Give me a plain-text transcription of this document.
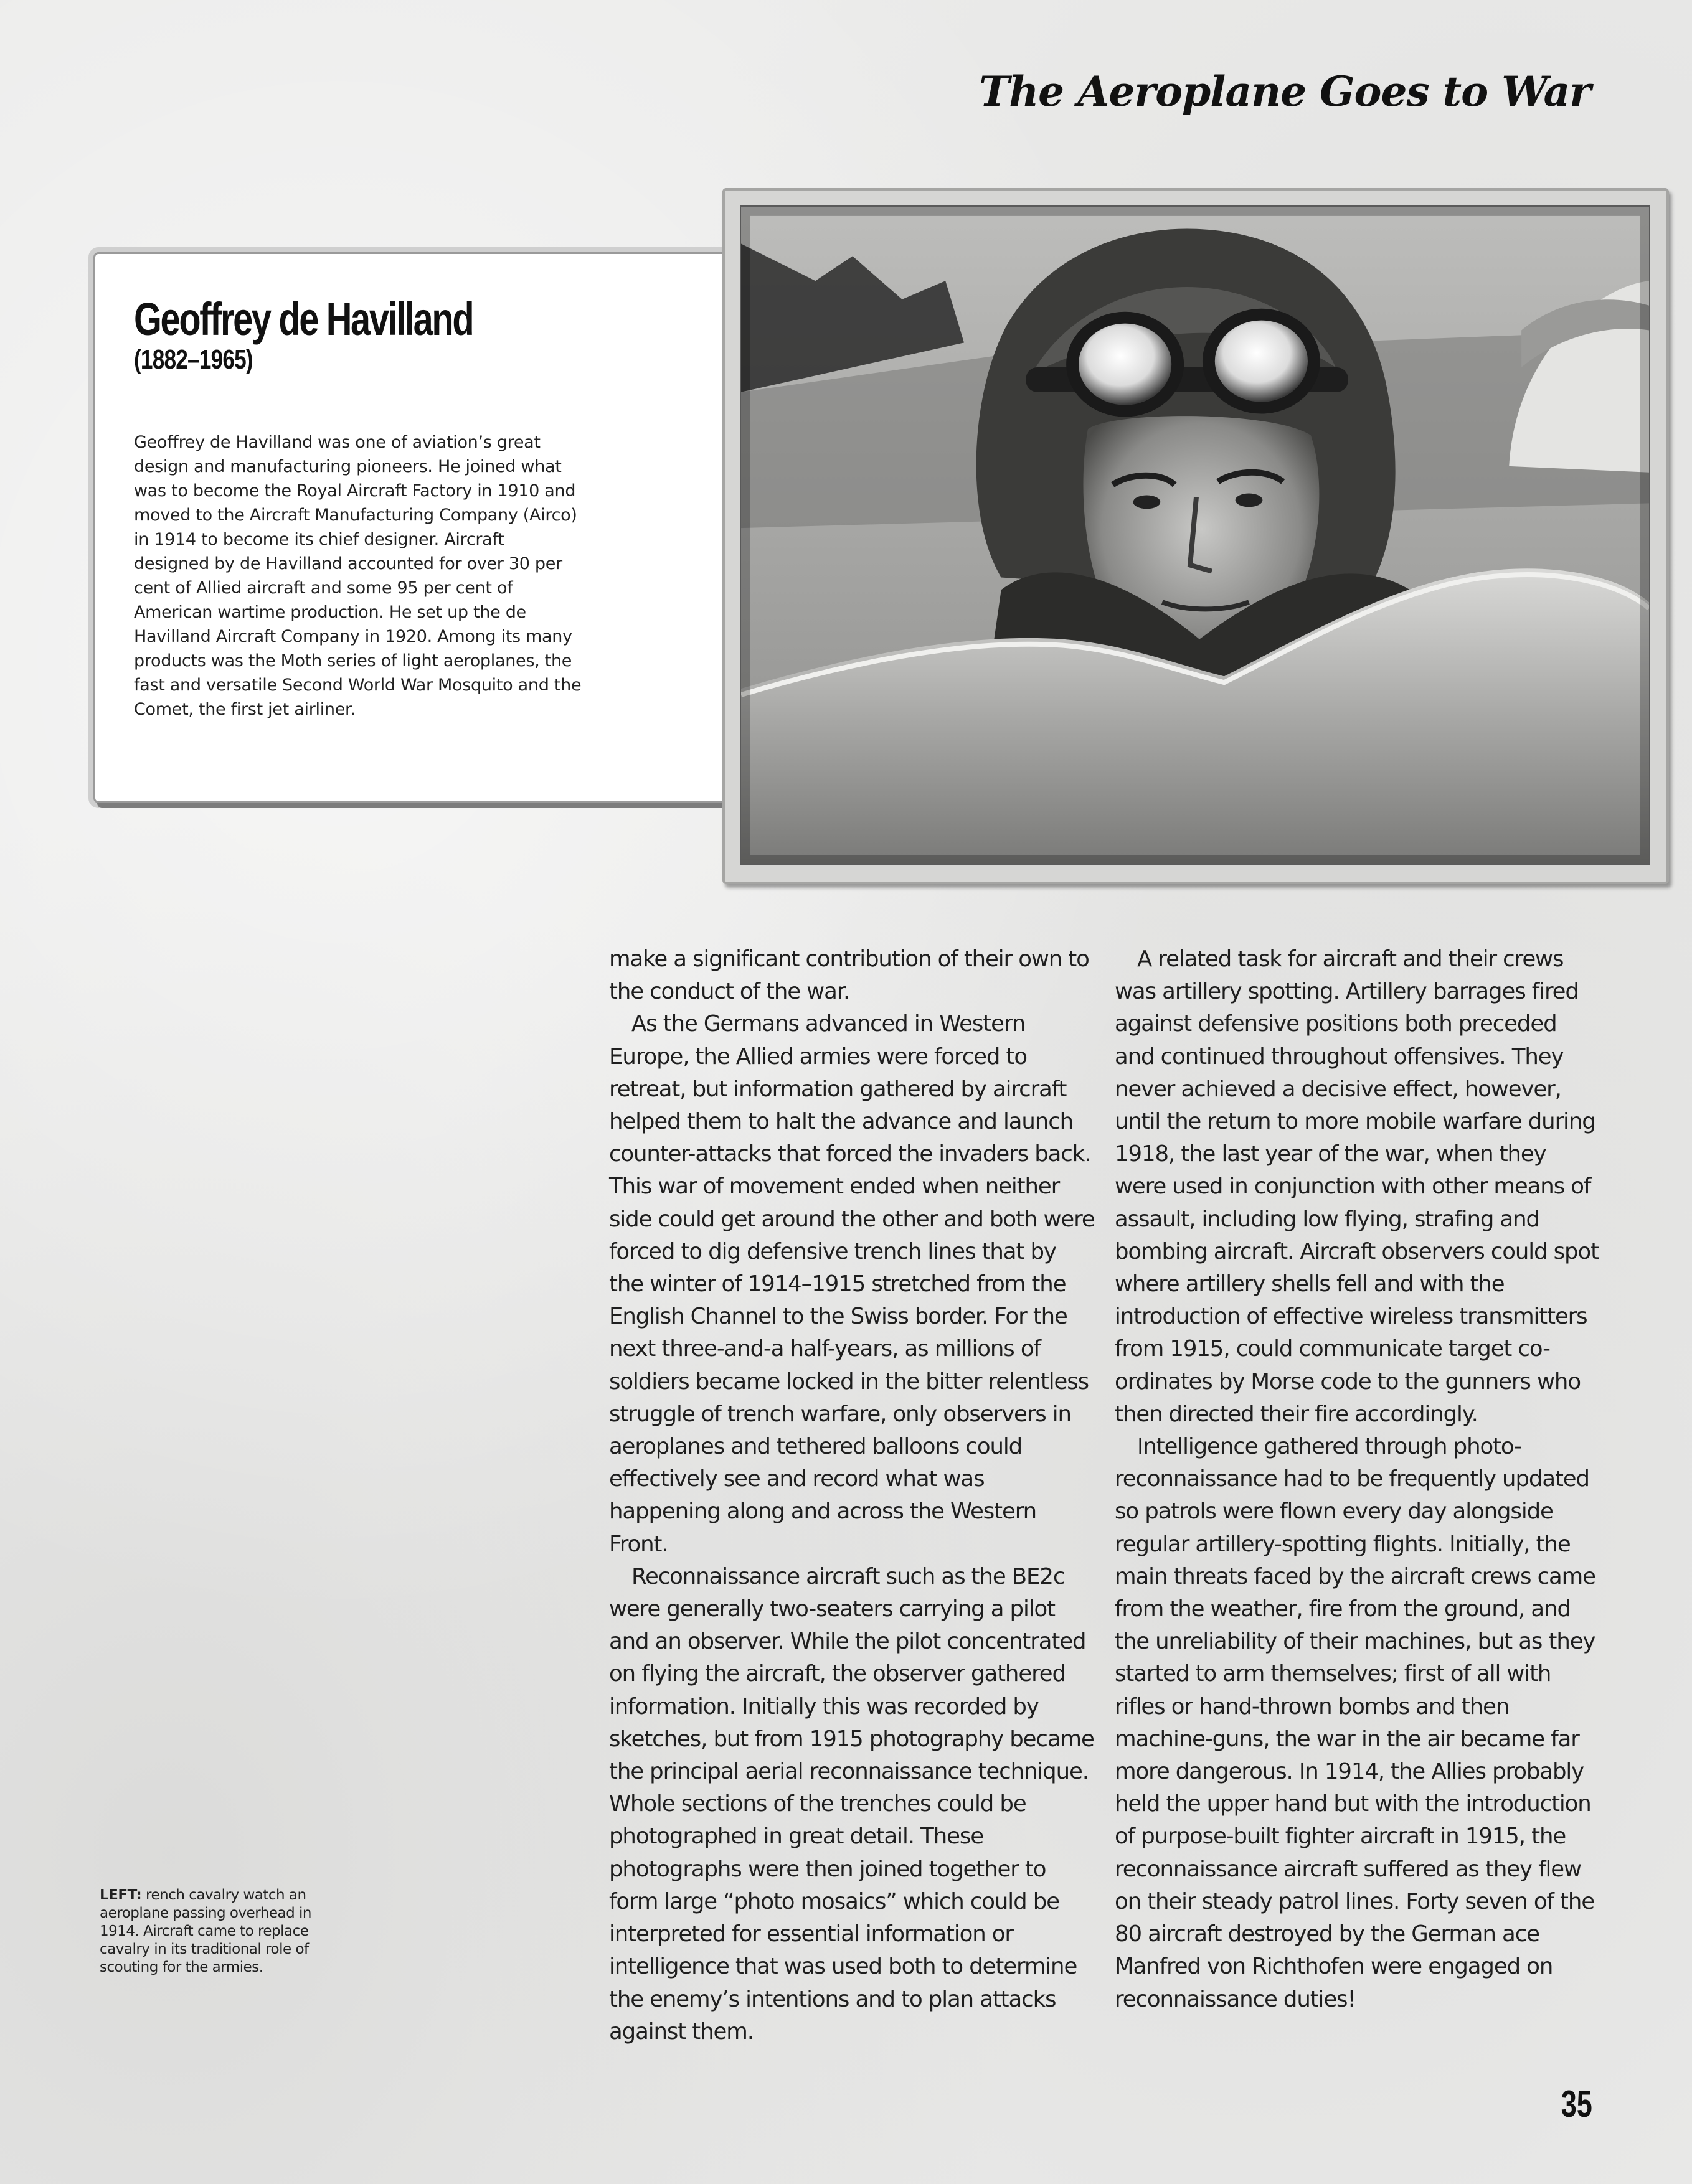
The Aeroplane Goes to War
Geoffrey de Havilland

(1882–1965)

Geoffrey de Havilland was one of aviation’s great design and manufacturing pioneers. He joined what was to become the Royal Aircraft Factory in 1910 and moved to the Aircraft Manufacturing Company (Airco) in 1914 to become its chief designer. Aircraft designed by de Havilland accounted for over 30 per cent of Allied aircraft and some 95 per cent of American wartime production. He set up the de Havilland Aircraft Company in 1920. Among its many products was the Moth series of light aeroplanes, the fast and versatile Second World War Mosquito and the Comet, the first jet airliner.

make a significant contribution of their own to the conduct of the war.

As the Germans advanced in Western Europe, the Allied armies were forced to retreat, but information gathered by aircraft helped them to halt the advance and launch counter-attacks that forced the invaders back. This war of movement ended when neither side could get around the other and both were forced to dig defensive trench lines that by the winter of 1914–1915 stretched from the English Channel to the Swiss border. For the next three-and-a half-years, as millions of soldiers became locked in the bitter relentless struggle of trench warfare, only observers in aeroplanes and tethered balloons could effectively see and record what was happening along and across the Western Front.

Reconnaissance aircraft such as the BE2c were generally two-seaters carrying a pilot and an observer. While the pilot concentrated on flying the aircraft, the observer gathered information. Initially this was recorded by sketches, but from 1915 photography became the principal aerial reconnaissance technique. Whole sections of the trenches could be photographed in great detail. These photographs were then joined together to form large “photo mosaics” which could be interpreted for essential information or intelligence that was used both to determine the enemy’s intentions and to plan attacks against them.

A related task for aircraft and their crews was artillery spotting. Artillery barrages fired against defensive positions both preceded and continued throughout offensives. They never achieved a decisive effect, however, until the return to more mobile warfare during 1918, the last year of the war, when they were used in conjunction with other means of assault, including low flying, strafing and bombing aircraft. Aircraft observers could spot where artillery shells fell and with the introduction of effective wireless transmitters from 1915, could communicate target co-ordinates by Morse code to the gunners who then directed their fire accordingly.

Intelligence gathered through photo-reconnaissance had to be frequently updated so patrols were flown every day alongside regular artillery-spotting flights. Initially, the main threats faced by the aircraft crews came from the weather, fire from the ground, and the unreliability of their machines, but as they started to arm themselves; first of all with rifles or hand-thrown bombs and then machine-guns, the war in the air became far more dangerous. In 1914, the Allies probably held the upper hand but with the introduction of purpose-built fighter aircraft in 1915, the reconnaissance aircraft suffered as they flew on their steady patrol lines. Forty seven of the 80 aircraft destroyed by the German ace Manfred von Richthofen were engaged on reconnaissance duties!

LEFT: rench cavalry watch an aeroplane passing overhead in 1914. Aircraft came to replace cavalry in its traditional role of scouting for the armies.

35
